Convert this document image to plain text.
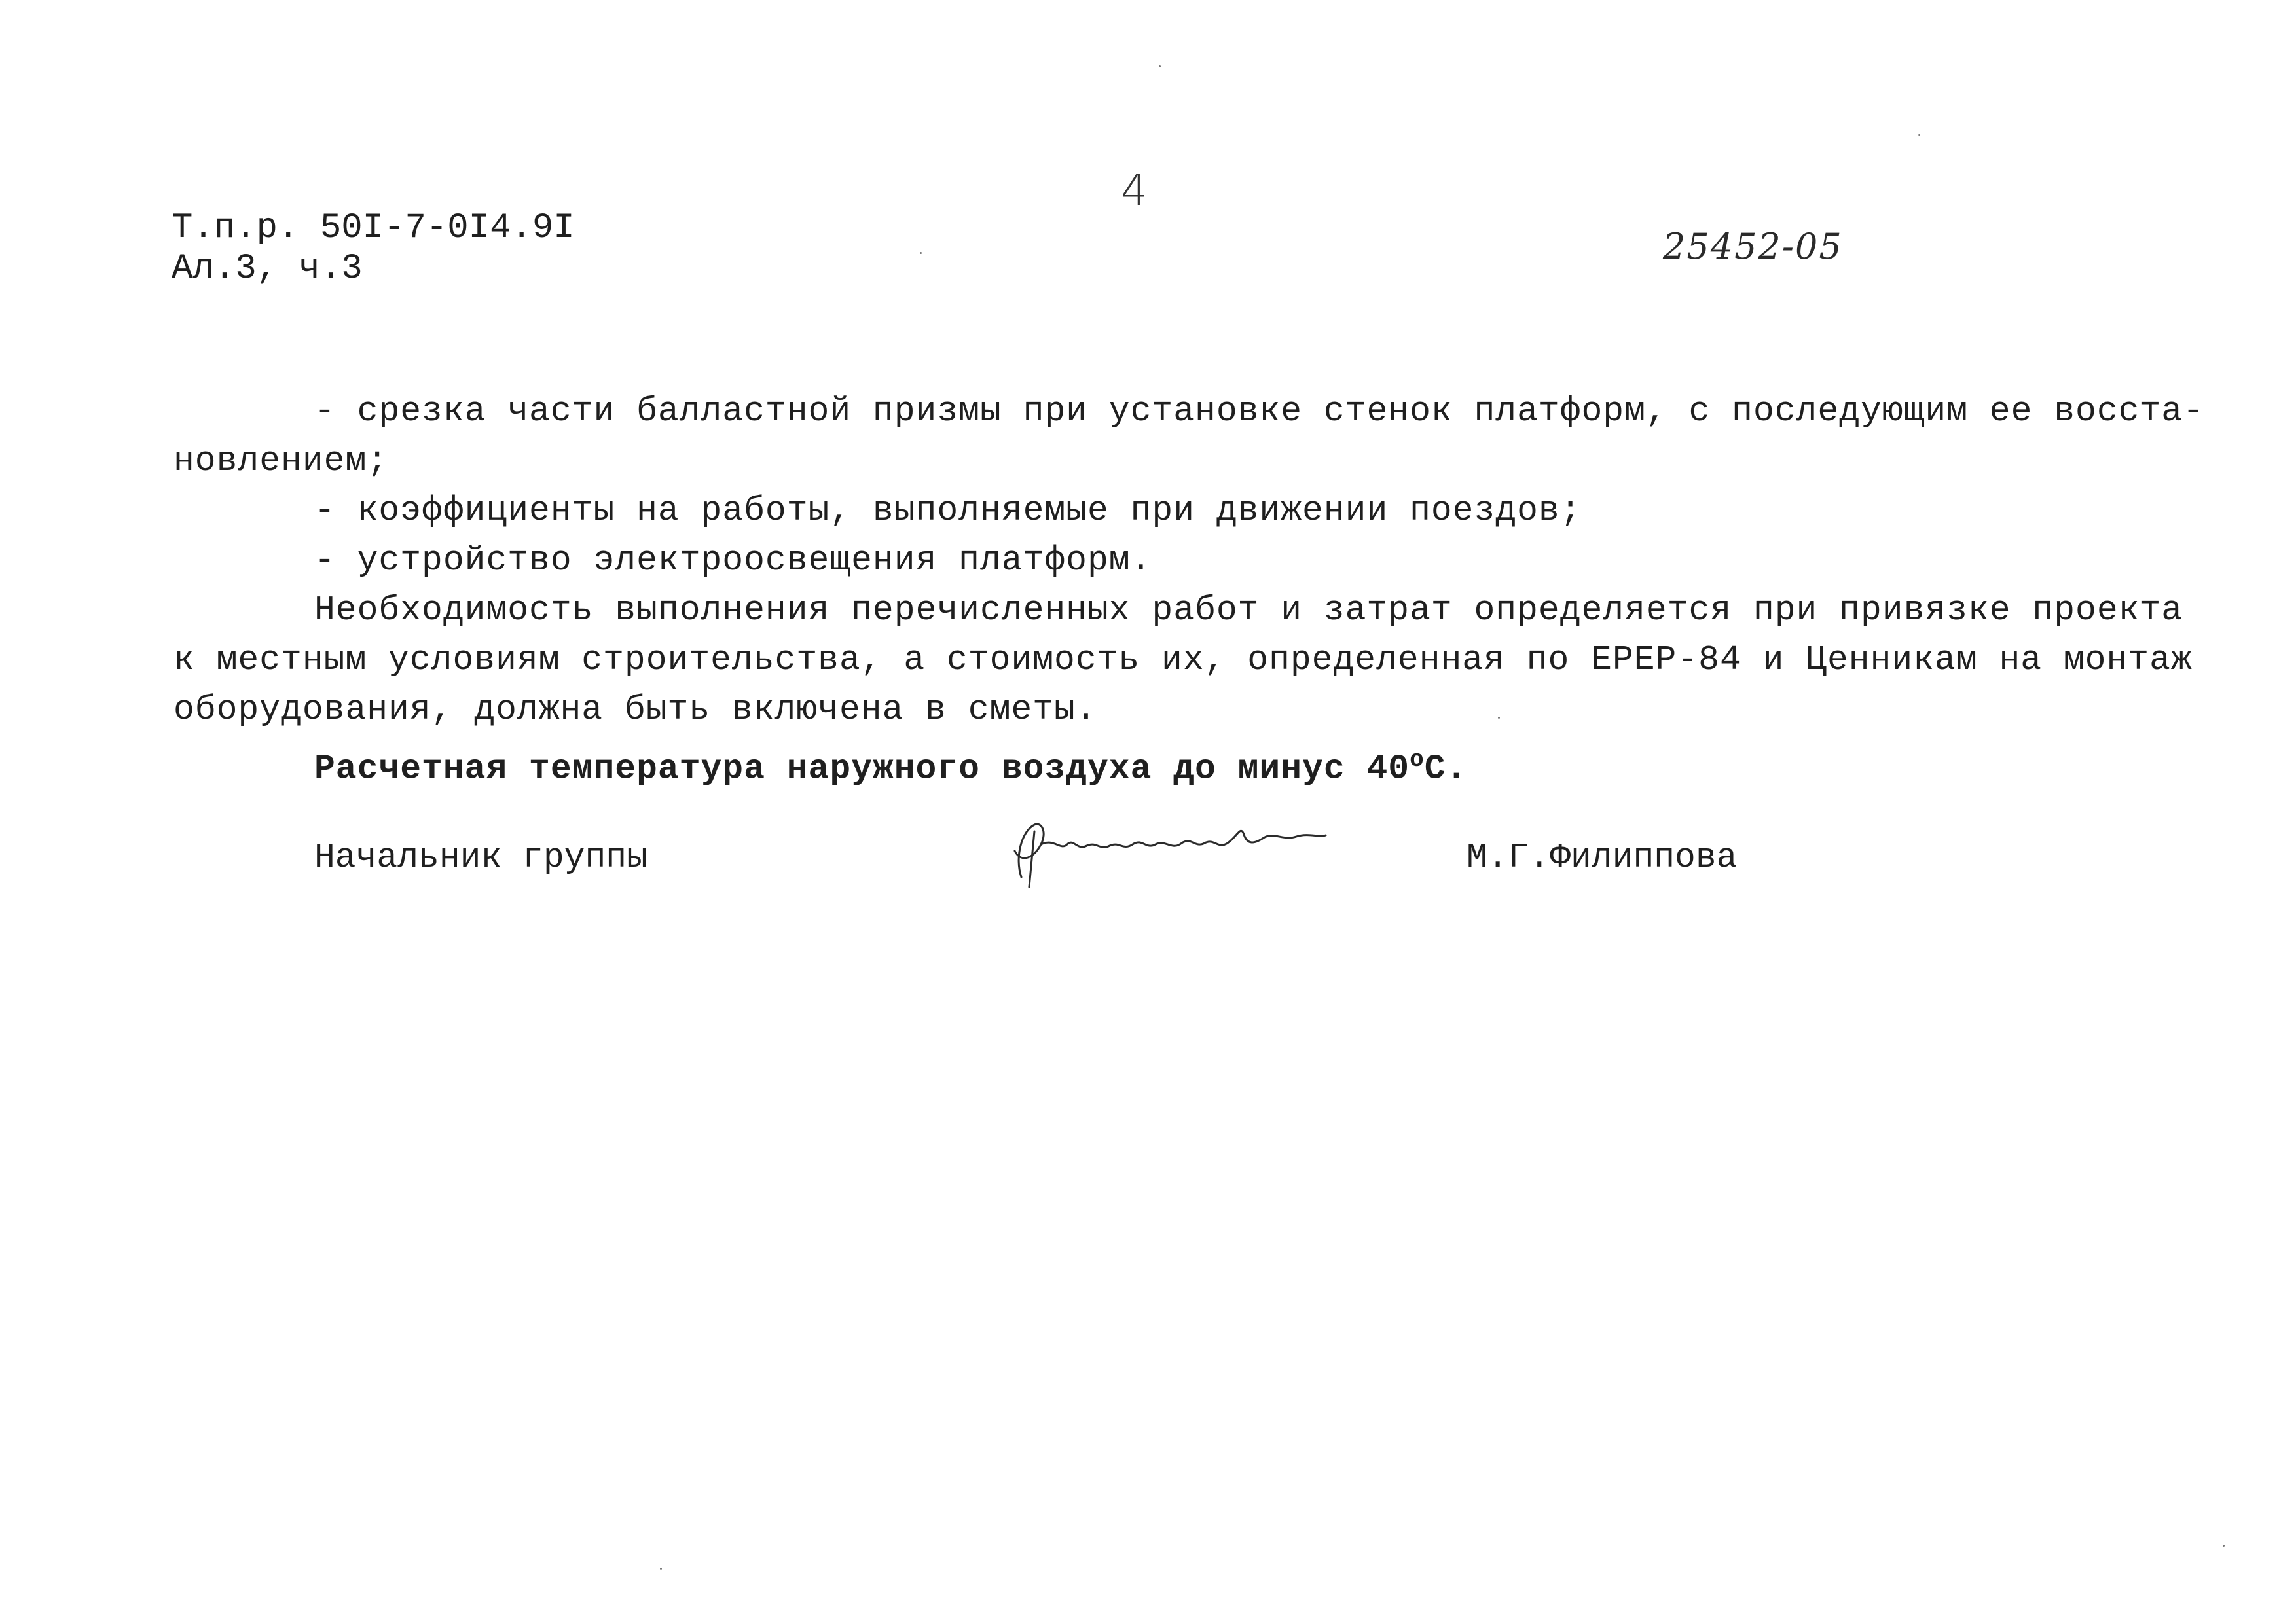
Т.п.р. 50I-7-0I4.9I
Ал.3, ч.3
4
25452-05
- срезка части балластной призмы при установке стенок платформ, с последующим ее восста-
новлением;
- коэффициенты на работы, выполняемые при движении поездов;
- устройство электроосвещения платформ.
Необходимость выполнения перечисленных работ и затрат определяется при привязке проекта
к местным условиям строительства, а стоимость их, определенная по ЕРЕР-84 и Ценникам на монтаж
оборудования, должна быть включена в сметы.
Расчетная температура наружного воздуха до минус $40^оС$.
Начальник группы	М.Г.Филиппова
